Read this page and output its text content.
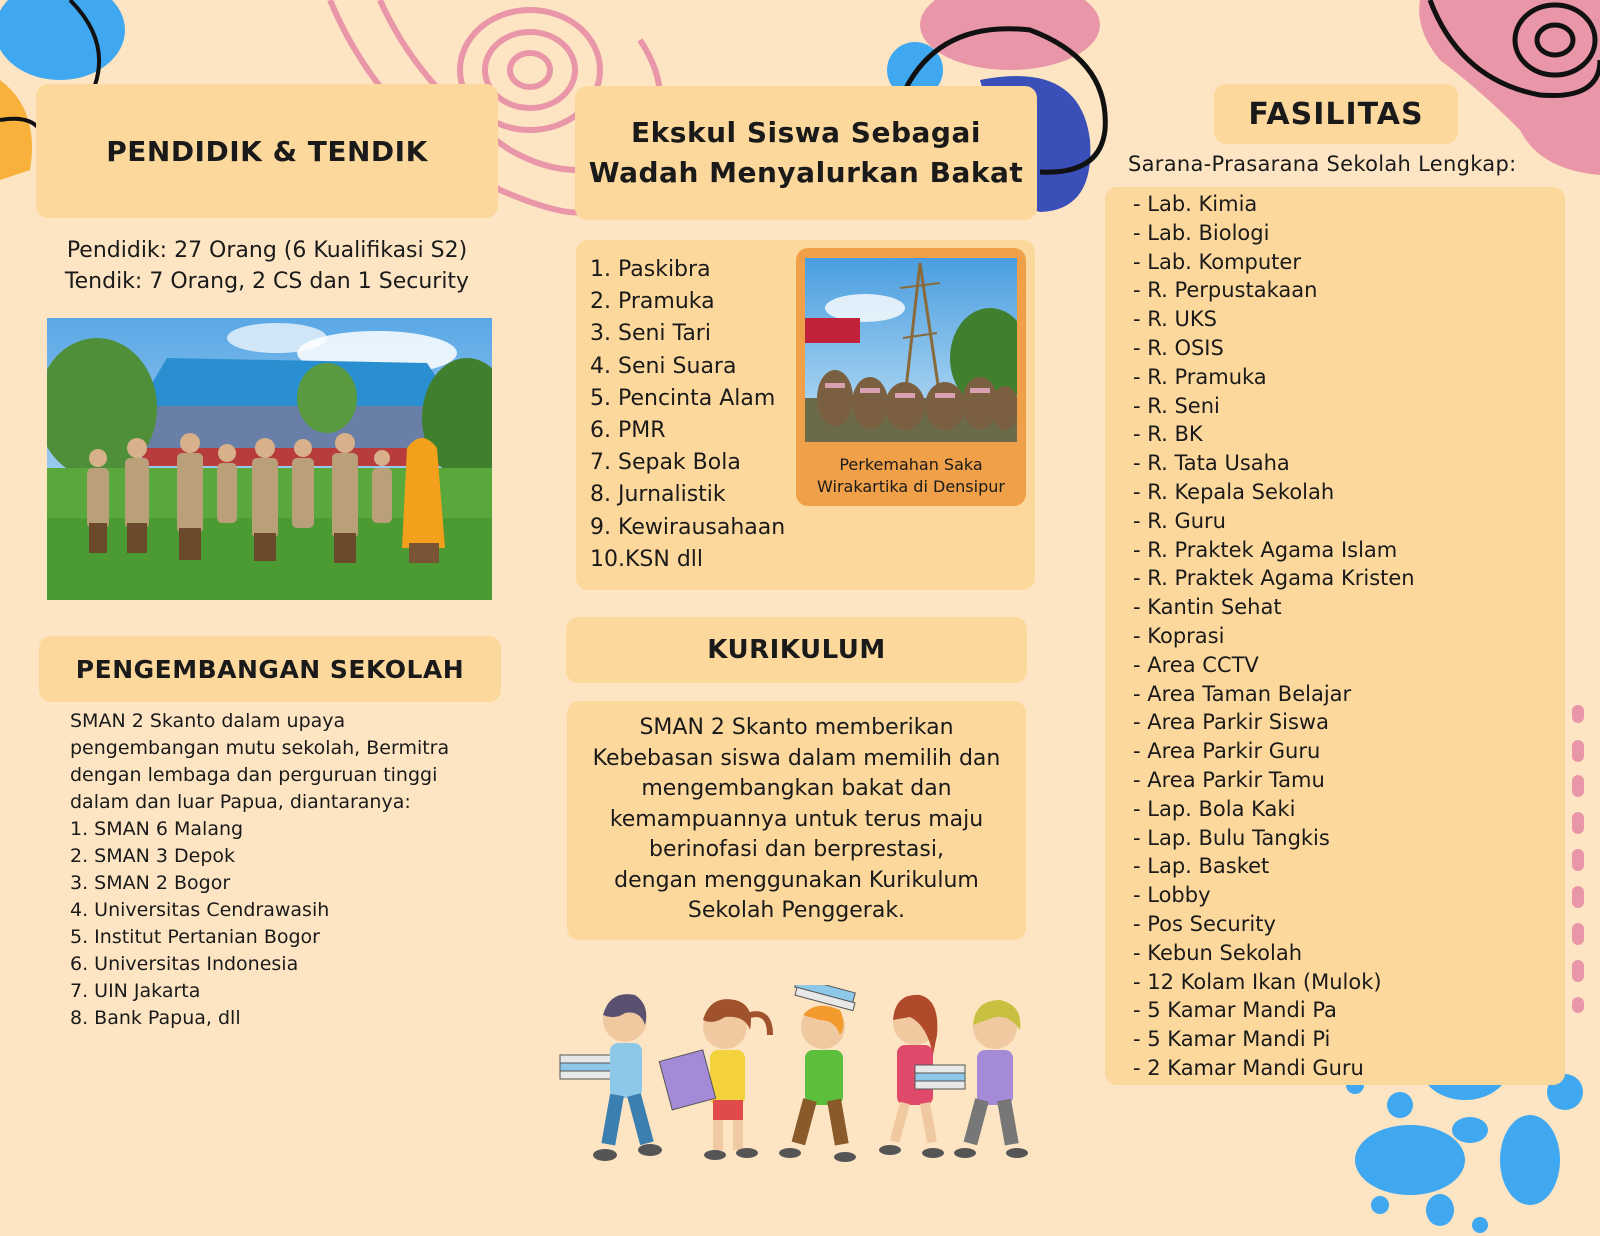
PENDIDIK & TENDIK
Pendidik: 27 Orang (6 Kualifikasi S2)
Tendik: 7 Orang, 2 CS dan 1 Security
PENGEMBANGAN SEKOLAH
SMAN 2 Skanto dalam upaya pengembangan mutu sekolah, Bermitra dengan lembaga dan perguruan tinggi dalam dan luar Papua, diantaranya:
1. SMAN 6 Malang
2. SMAN 3 Depok
3. SMAN 2 Bogor
4. Universitas Cendrawasih
5. Institut Pertanian Bogor
6. Universitas Indonesia
7. UIN Jakarta
8. Bank Papua, dll
Ekskul Siswa Sebagai
Wadah Menyalurkan Bakat
1. Paskibra
2. Pramuka
3. Seni Tari
4. Seni Suara
5. Pencinta Alam
6. PMR
7. Sepak Bola
8. Jurnalistik
9. Kewirausahaan
10.KSN dll
Perkemahan Saka
Wirakartika di Densipur
KURIKULUM
SMAN 2 Skanto memberikan
Kebebasan siswa dalam memilih dan
mengembangkan bakat dan
kemampuannya untuk terus maju
berinofasi dan berprestasi,
dengan menggunakan Kurikulum
Sekolah Penggerak.
FASILITAS
Sarana-Prasarana Sekolah Lengkap:
- Lab. Kimia
- Lab. Biologi
- Lab. Komputer
- R. Perpustakaan
- R. UKS
- R. OSIS
- R. Pramuka
- R. Seni
- R. BK
- R. Tata Usaha
- R. Kepala Sekolah
- R. Guru
- R. Praktek Agama Islam
- R. Praktek Agama Kristen
- Kantin Sehat
- Koprasi
- Area CCTV
- Area Taman Belajar
- Area Parkir Siswa
- Area Parkir Guru
- Area Parkir Tamu
- Lap. Bola Kaki
- Lap. Bulu Tangkis
- Lap. Basket
- Lobby
- Pos Security
- Kebun Sekolah
- 12 Kolam Ikan (Mulok)
- 5 Kamar Mandi Pa
- 5 Kamar Mandi Pi
- 2 Kamar Mandi Guru
